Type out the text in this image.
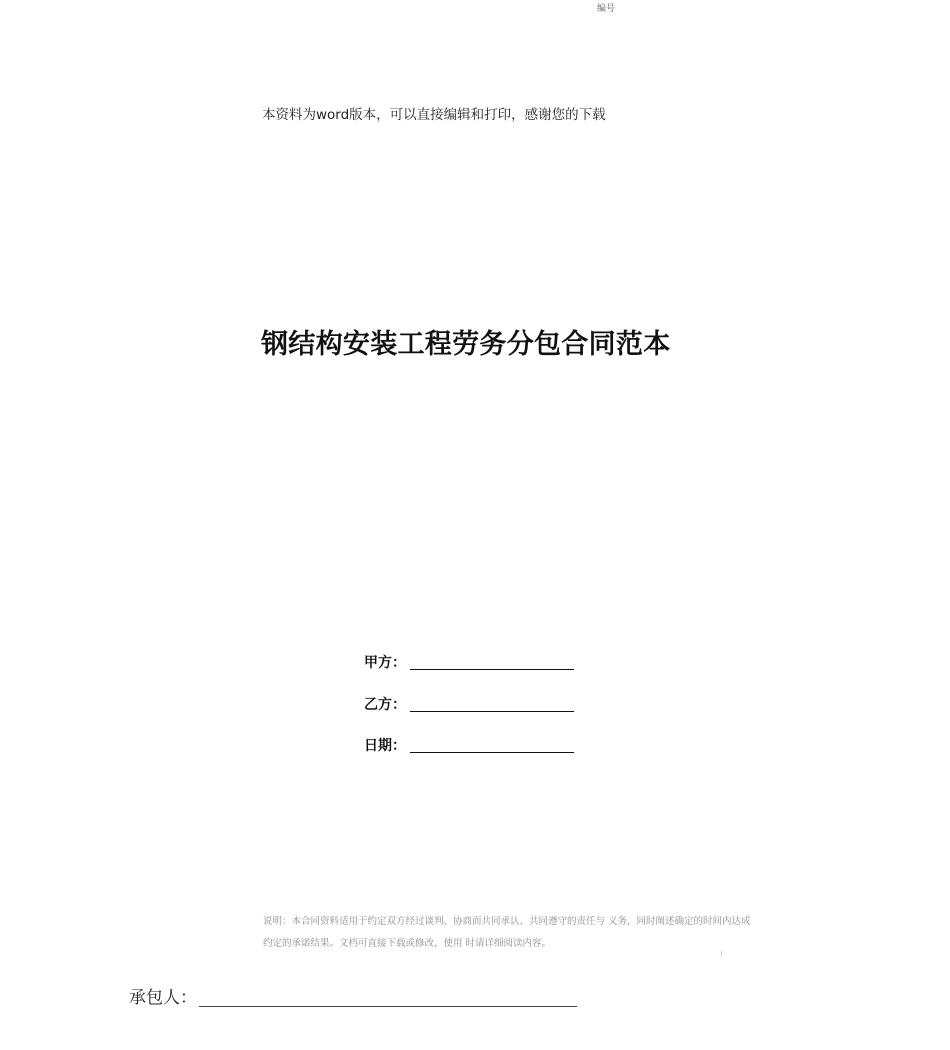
编号
本资料为word版本，可以直接编辑和打印，感谢您的下载
钢结构安装工程劳务分包合同范本
甲方：
乙方：
日期：
说明：本合同资料适用于约定双方经过谈判、协商而共同承认、共同遵守的责任与 义务，同时阐述确定的时间内达成
约定的承诺结果。文档可直接下载或修改，使用 时请详细阅读内容。
!
承包人：
